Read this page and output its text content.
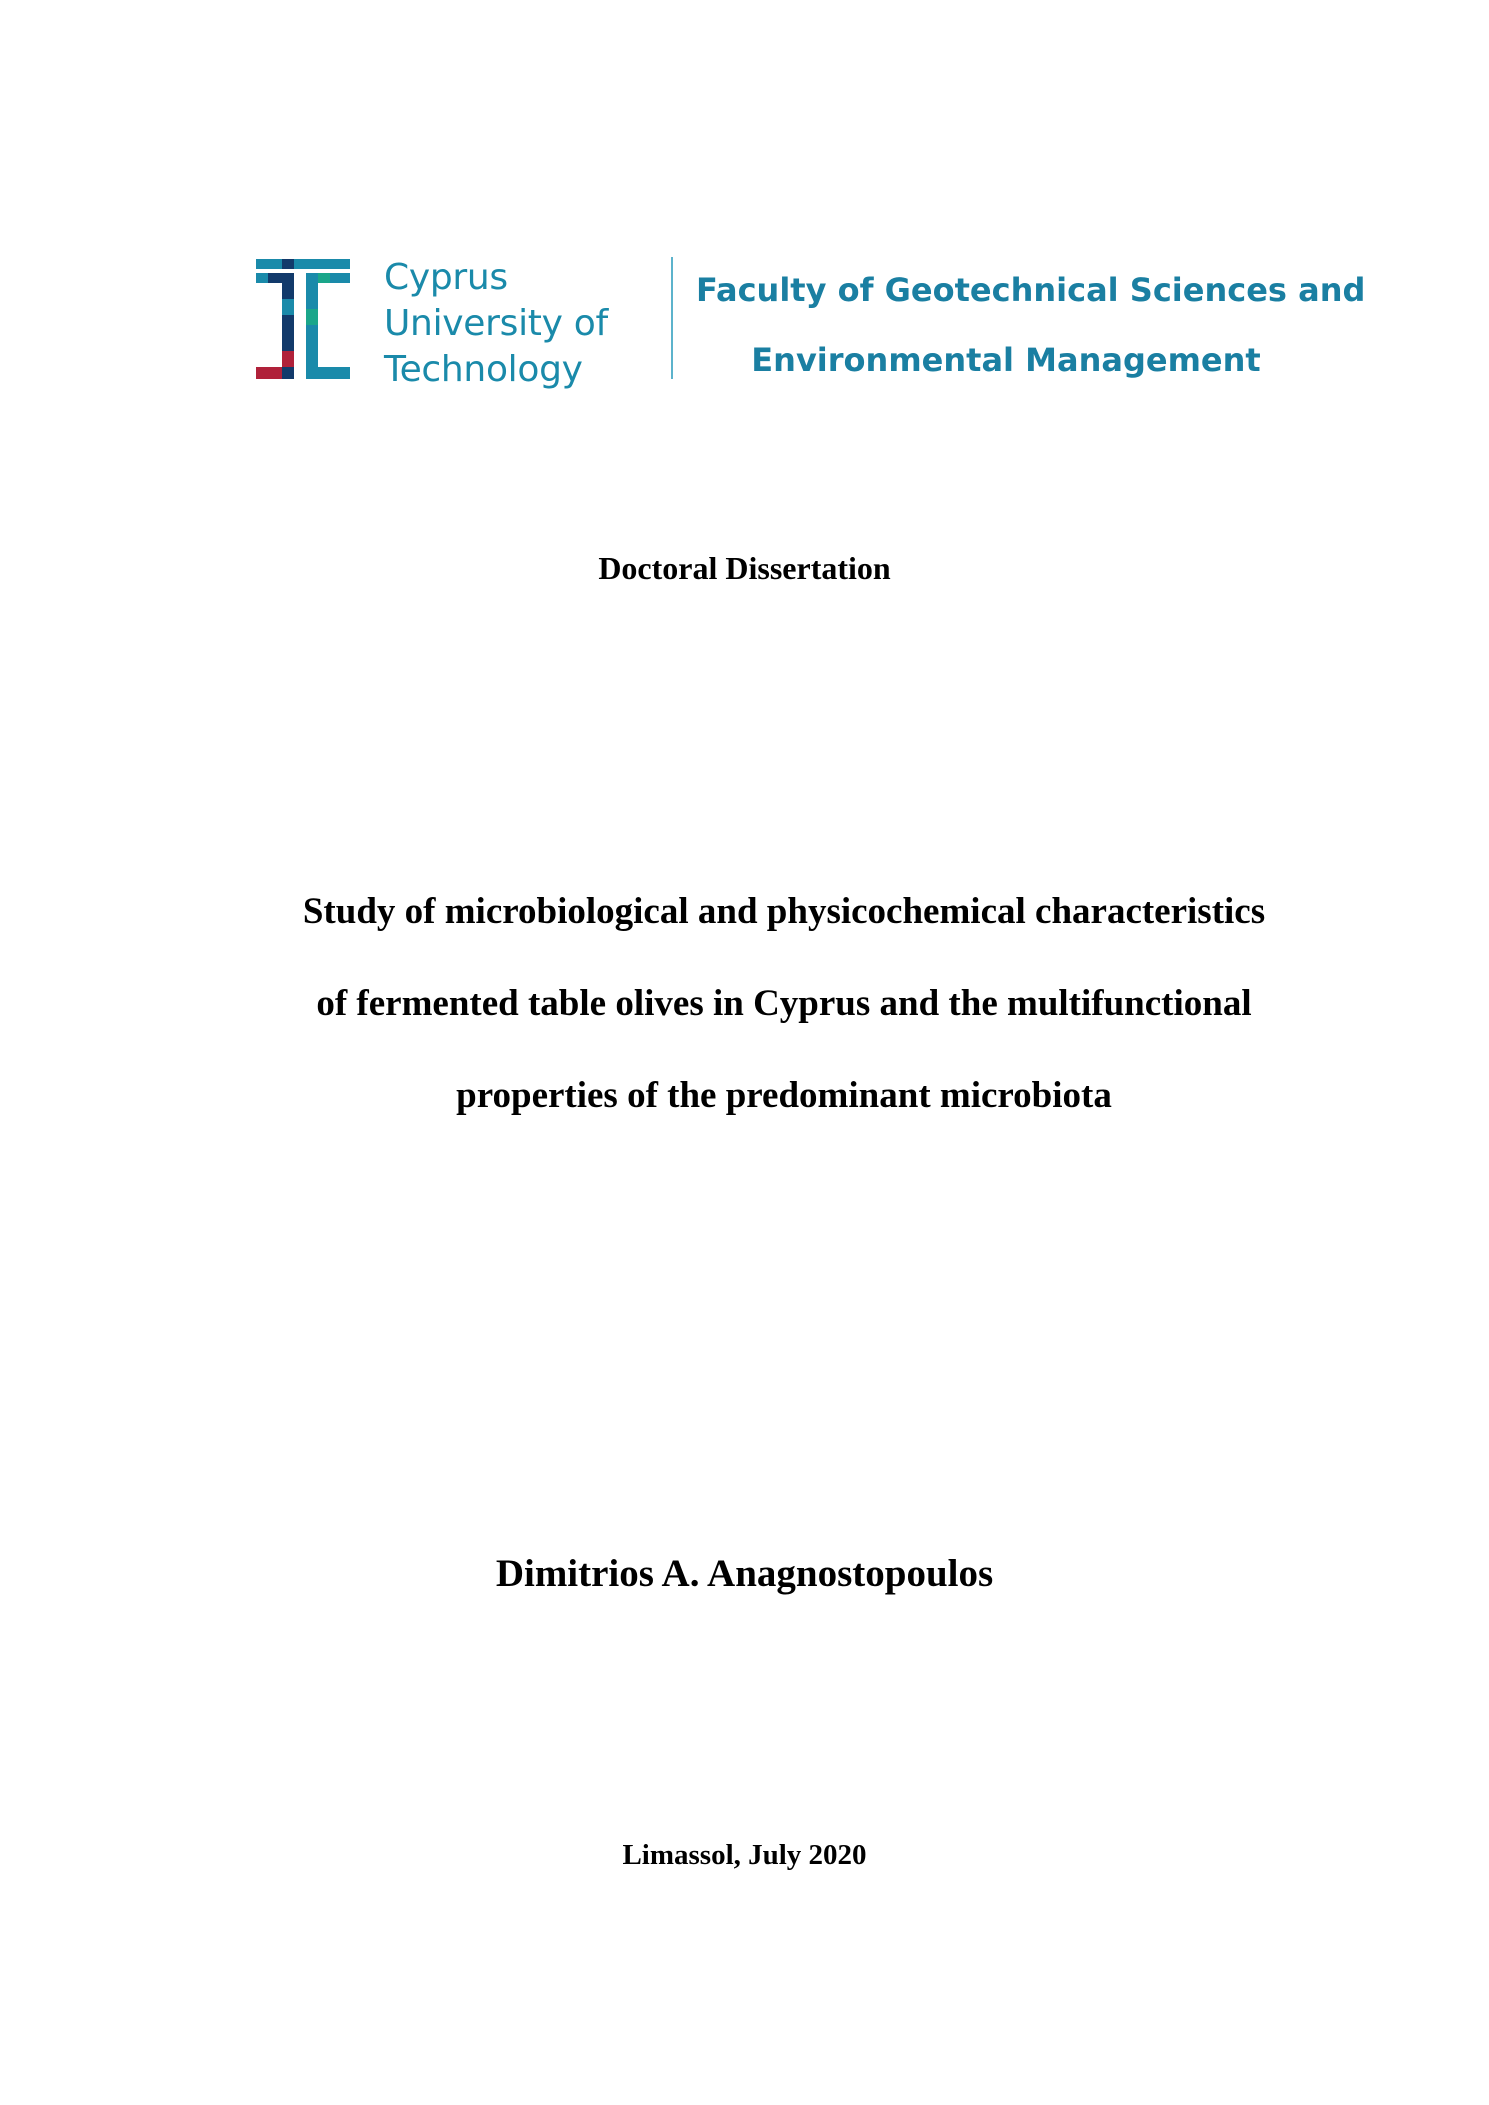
Cyprus
University of
Technology
Faculty of Geotechnical Sciences and
Environmental Management
Doctoral Dissertation
Study of microbiological and physicochemical characteristics
of fermented table olives in Cyprus and the multifunctional
properties of the predominant microbiota
Dimitrios A. Anagnostopoulos
Limassol, July 2020
